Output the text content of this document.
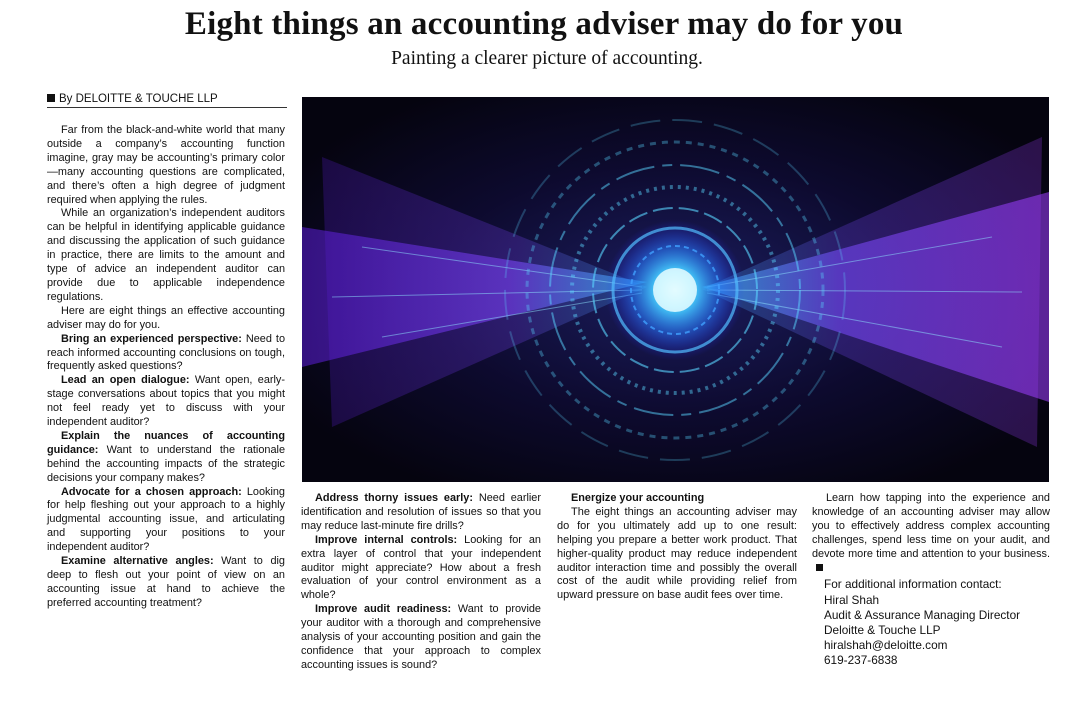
Eight things an accounting adviser may do for you
Painting a clearer picture of accounting.
By DELOITTE & TOUCHE LLP

Far from the black-and-white world that many outside a company’s accounting function imagine, gray may be accounting’s primary color—many accounting questions are complicated, and there’s often a high degree of judgment required when applying the rules.

While an organization’s independent auditors can be helpful in identifying applicable guidance and discussing the application of such guidance in practice, there are limits to the amount and type of advice an independent auditor can provide due to applicable independence regulations.

Here are eight things an effective accounting adviser may do for you.

Bring an experienced perspective: Need to reach informed accounting conclusions on tough, frequently asked questions?

Lead an open dialogue: Want open, early-stage conversations about topics that you might not feel ready yet to discuss with your independent auditor?

Explain the nuances of accounting guidance: Want to understand the rationale behind the accounting impacts of the strategic decisions your company makes?

Advocate for a chosen approach: Looking for help fleshing out your approach to a highly judgmental accounting issue, and articulating and supporting your positions to your independent auditor?

Examine alternative angles: Want to dig deep to flesh out your point of view on an accounting issue at hand to achieve the preferred accounting treatment?

Address thorny issues early: Need earlier identification and resolution of issues so that you may reduce last-minute fire drills?

Improve internal controls: Looking for an extra layer of control that your independent auditor might appreciate? How about a fresh evaluation of your control environment as a whole?

Improve audit readiness: Want to provide your auditor with a thorough and comprehensive analysis of your accounting position and gain the confidence that your approach to complex accounting issues is sound?

Energize your accounting

The eight things an accounting adviser may do for you ultimately add up to one result: helping you prepare a better work product. That higher-quality product may reduce independent auditor interaction time and possibly the overall cost of the audit while providing relief from upward pressure on base audit fees over time.

Learn how tapping into the experience and knowledge of an accounting adviser may allow you to effectively address complex accounting challenges, spend less time on your audit, and devote more time and attention to your business.

For additional information contact:
Hiral Shah
Audit & Assurance Managing Director
Deloitte & Touche LLP
hiralshah@deloitte.com
619-237-6838
